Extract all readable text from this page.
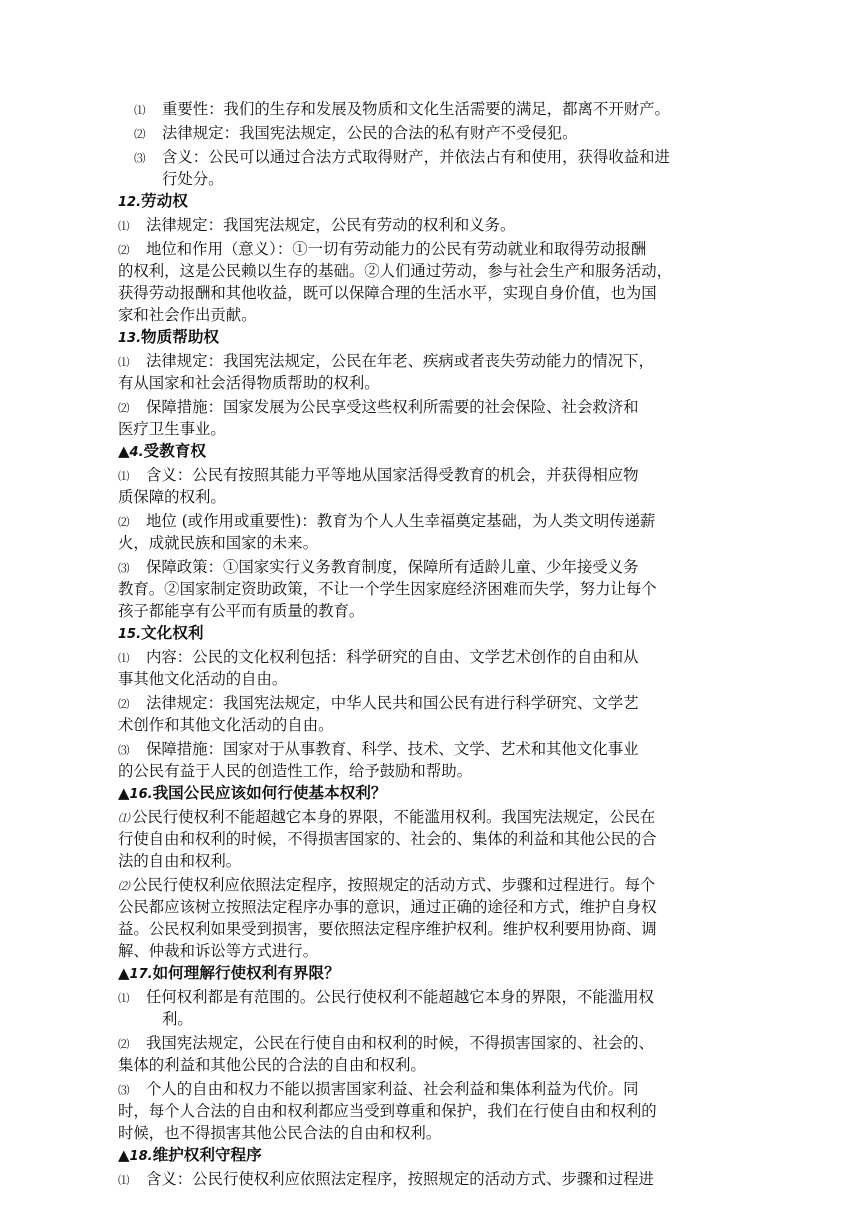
⑴ 重要性：我们的生存和发展及物质和文化生活需要的满足，都离不开财产。
⑵ 法律规定：我国宪法规定，公民的合法的私有财产不受侵犯。
⑶ 含义：公民可以通过合法方式取得财产，并依法占有和使用，获得收益和进
行处分。
12.劳动权
⑴ 法律规定：我国宪法规定，公民有劳动的权利和义务。
⑵ 地位和作用（意义）：①一切有劳动能力的公民有劳动就业和取得劳动报酬
的权利，这是公民赖以生存的基础。②人们通过劳动，参与社会生产和服务活动，
获得劳动报酬和其他收益，既可以保障合理的生活水平，实现自身价值，也为国
家和社会作出贡献。
13.物质帮助权
⑴ 法律规定：我国宪法规定，公民在年老、疾病或者丧失劳动能力的情况下，
有从国家和社会活得物质帮助的权利。
⑵ 保障措施：国家发展为公民享受这些权利所需要的社会保险、社会救济和
医疗卫生事业。
▲4.受教育权
⑴ 含义：公民有按照其能力平等地从国家活得受教育的机会，并获得相应物
质保障的权利。
⑵ 地位 (或作用或重要性)：教育为个人人生幸福奠定基础，为人类文明传递薪
火，成就民族和国家的未来。
⑶ 保障政策：①国家实行义务教育制度，保障所有适龄儿童、少年接受义务
教育。②国家制定资助政策，不让一个学生因家庭经济困难而失学，努力让每个
孩子都能享有公平而有质量的教育。
15.文化权利
⑴ 内容：公民的文化权利包括：科学研究的自由、文学艺术创作的自由和从
事其他文化活动的自由。
⑵ 法律规定：我国宪法规定，中华人民共和国公民有进行科学研究、文学艺
术创作和其他文化活动的自由。
⑶ 保障措施：国家对于从事教育、科学、技术、文学、艺术和其他文化事业
的公民有益于人民的创造性工作，给予鼓励和帮助。
▲16.我国公民应该如何行使基本权利？
⑴ 公民行使权利不能超越它本身的界限，不能滥用权利。我国宪法规定，公民在
行使自由和权利的时候，不得损害国家的、社会的、集体的利益和其他公民的合
法的自由和权利。
⑵ 公民行使权利应依照法定程序，按照规定的活动方式、步骤和过程进行。每个
公民都应该树立按照法定程序办事的意识，通过正确的途径和方式，维护自身权
益。公民权利如果受到损害，要依照法定程序维护权利。维护权利要用协商、调
解、仲裁和诉讼等方式进行。
▲17.如何理解行使权利有界限？
⑴ 任何权利都是有范围的。公民行使权利不能超越它本身的界限，不能滥用权
利。
⑵ 我国宪法规定，公民在行使自由和权利的时候，不得损害国家的、社会的、
集体的利益和其他公民的合法的自由和权利。
⑶ 个人的自由和权力不能以损害国家利益、社会利益和集体利益为代价。同
时，每个人合法的自由和权利都应当受到尊重和保护，我们在行使自由和权利的
时候，也不得损害其他公民合法的自由和权利。
▲18.维护权利守程序
⑴ 含义：公民行使权利应依照法定程序，按照规定的活动方式、步骤和过程进
